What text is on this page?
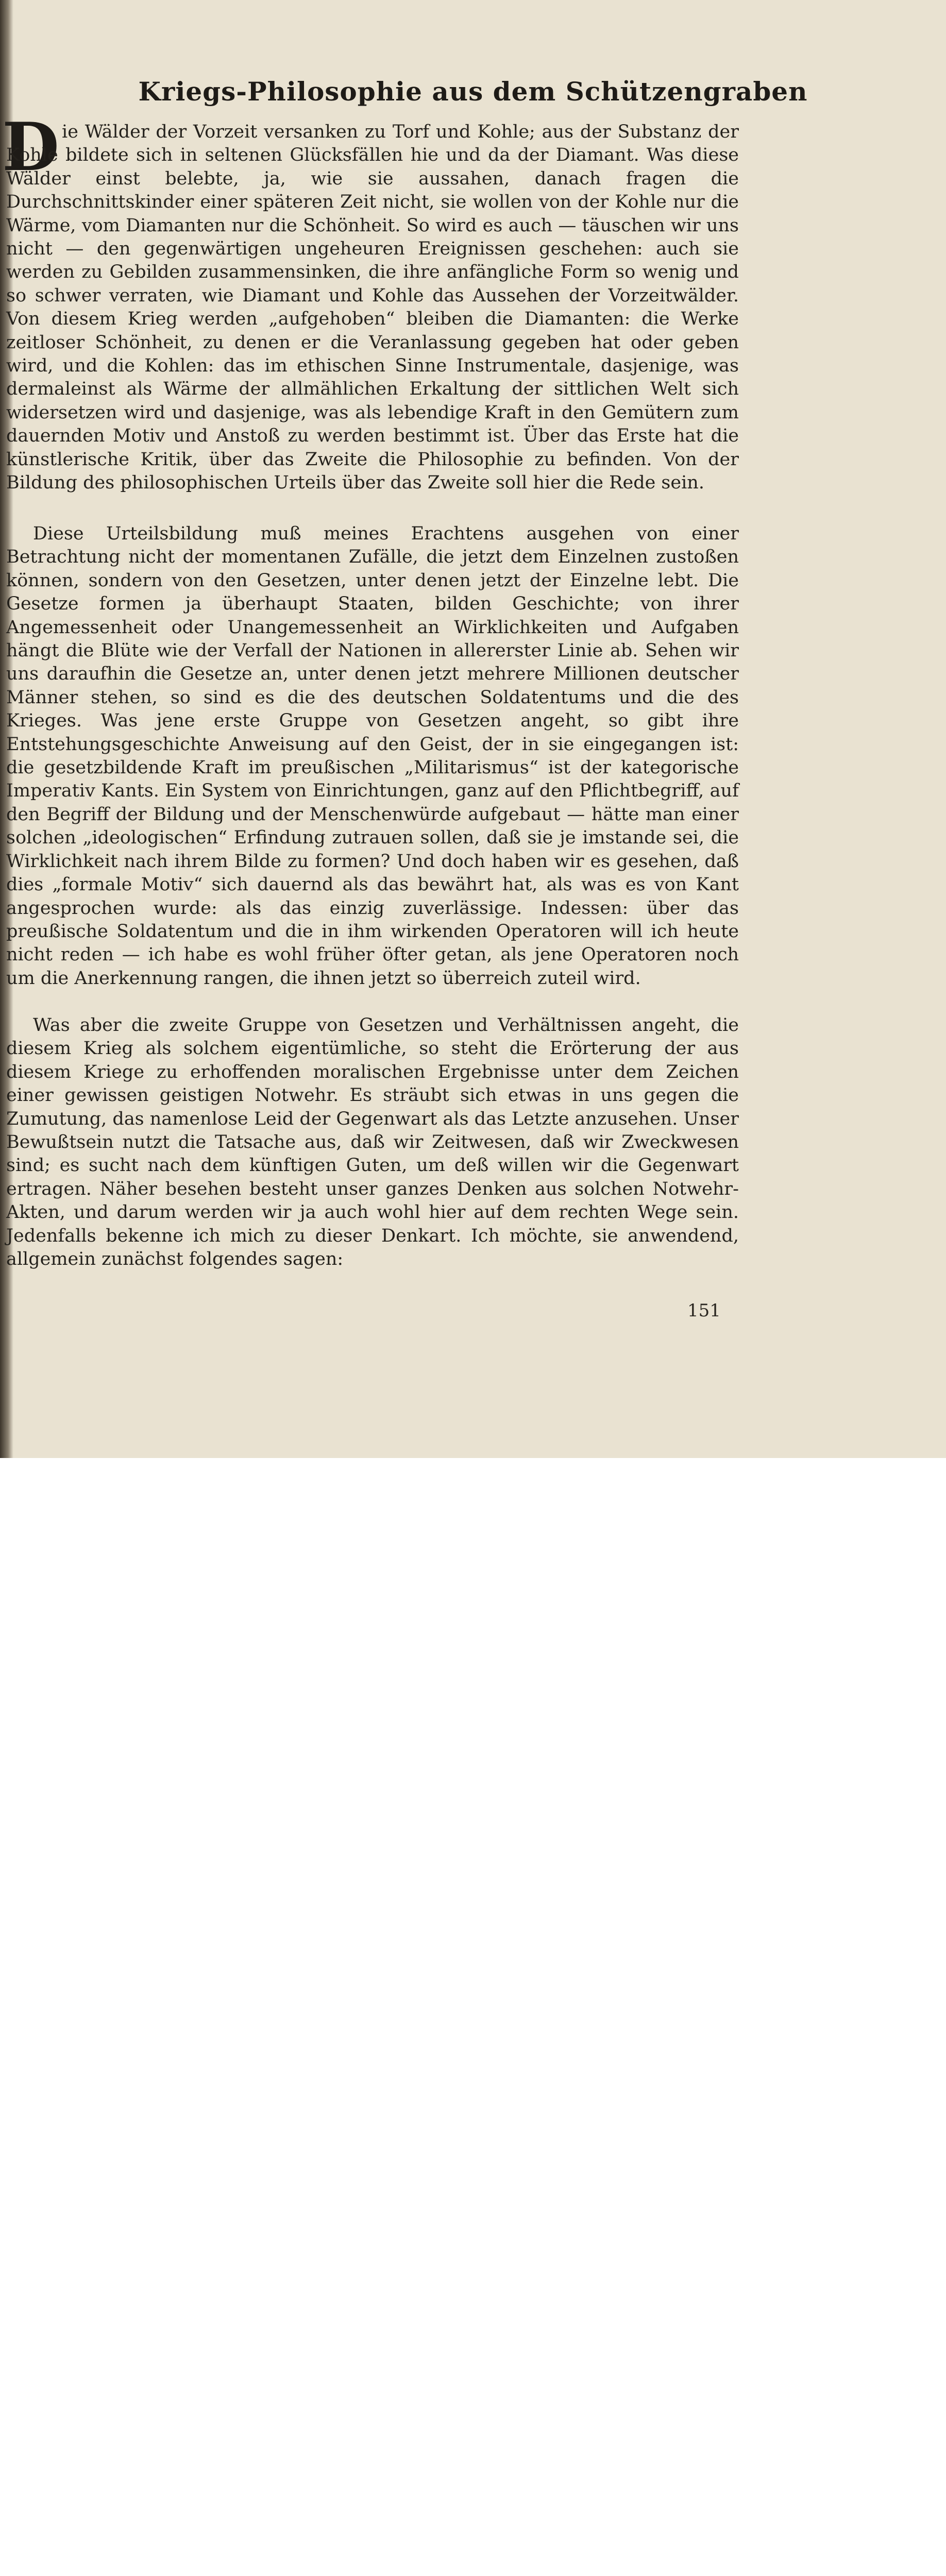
Kriegs-Philosophie aus dem Schützengraben
D ie Wälder der Vorzeit versanken zu Torf und Kohle; aus der Substanz der Kohle bildete sich in seltenen Glücksfällen hie und da der Diamant. Was diese Wälder einst belebte, ja, wie sie aussahen, danach fragen die Durchschnittskinder einer späteren Zeit nicht, sie wollen von der Kohle nur die Wärme, vom Diamanten nur die Schönheit. So wird es auch — täuschen wir uns nicht — den gegenwärtigen ungeheuren Ereignissen geschehen: auch sie werden zu Gebilden zusammensinken, die ihre anfängliche Form so wenig und so schwer verraten, wie Diamant und Kohle das Aussehen der Vorzeitwälder. Von diesem Krieg werden „aufgehoben“ bleiben die Diamanten: die Werke zeitloser Schönheit, zu denen er die Veranlassung gegeben hat oder geben wird, und die Kohlen: das im ethischen Sinne Instrumentale, dasjenige, was dermaleinst als Wärme der allmählichen Erkaltung der sittlichen Welt sich widersetzen wird und dasjenige, was als lebendige Kraft in den Gemütern zum dauernden Motiv und Anstoß zu werden bestimmt ist. Über das Erste hat die künstlerische Kritik, über das Zweite die Philosophie zu befinden. Von der Bildung des philosophischen Urteils über das Zweite soll hier die Rede sein.

Diese Urteilsbildung muß meines Erachtens ausgehen von einer Betrachtung nicht der momentanen Zufälle, die jetzt dem Einzelnen zustoßen können, sondern von den Gesetzen, unter denen jetzt der Einzelne lebt. Die Gesetze formen ja überhaupt Staaten, bilden Geschichte; von ihrer Angemessenheit oder Unangemessenheit an Wirklichkeiten und Aufgaben hängt die Blüte wie der Verfall der Nationen in allererster Linie ab. Sehen wir uns daraufhin die Gesetze an, unter denen jetzt mehrere Millionen deutscher Männer stehen, so sind es die des deutschen Soldatentums und die des Krieges. Was jene erste Gruppe von Gesetzen angeht, so gibt ihre Entstehungsgeschichte Anweisung auf den Geist, der in sie eingegangen ist: die gesetzbildende Kraft im preußischen „Militarismus“ ist der kategorische Imperativ Kants. Ein System von Einrichtungen, ganz auf den Pflichtbegriff, auf den Begriff der Bildung und der Menschenwürde aufgebaut — hätte man einer solchen „ideologischen“ Erfindung zutrauen sollen, daß sie je imstande sei, die Wirklichkeit nach ihrem Bilde zu formen? Und doch haben wir es gesehen, daß dies „formale Motiv“ sich dauernd als das bewährt hat, als was es von Kant angesprochen wurde: als das einzig zuverlässige. Indessen: über das preußische Soldatentum und die in ihm wirkenden Operatoren will ich heute nicht reden — ich habe es wohl früher öfter getan, als jene Operatoren noch um die Anerkennung rangen, die ihnen jetzt so überreich zuteil wird.

Was aber die zweite Gruppe von Gesetzen und Verhältnissen angeht, die diesem Krieg als solchem eigentümliche, so steht die Erörterung der aus diesem Kriege zu erhoffenden moralischen Ergebnisse unter dem Zeichen einer gewissen geistigen Notwehr. Es sträubt sich etwas in uns gegen die Zumutung, das namenlose Leid der Gegenwart als das Letzte anzusehen. Unser Bewußtsein nutzt die Tatsache aus, daß wir Zeitwesen, daß wir Zweckwesen sind; es sucht nach dem künftigen Guten, um deß willen wir die Gegenwart ertragen. Näher besehen besteht unser ganzes Denken aus solchen Notwehr-Akten, und darum werden wir ja auch wohl hier auf dem rechten Wege sein. Jedenfalls bekenne ich mich zu dieser Denkart. Ich möchte, sie anwendend, allgemein zunächst folgendes sagen:

151
